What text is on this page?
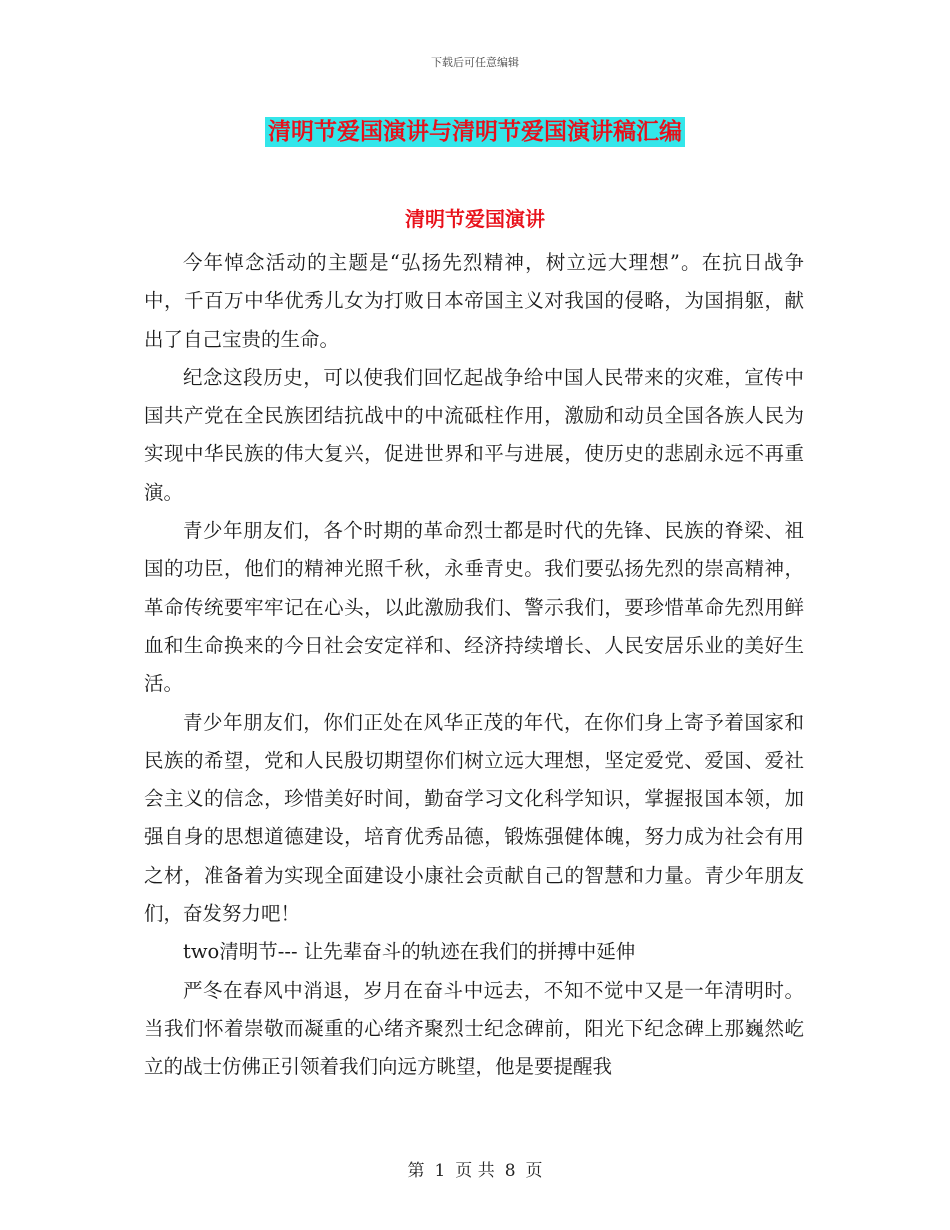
下载后可任意编辑
清明节爱国演讲与清明节爱国演讲稿汇编
清明节爱国演讲

今年悼念活动的主题是“弘扬先烈精神，树立远大理想”。在抗日战争中，千百万中华优秀儿女为打败日本帝国主义对我国的侵略，为国捐躯，献出了自己宝贵的生命。

纪念这段历史，可以使我们回忆起战争给中国人民带来的灾难，宣传中国共产党在全民族团结抗战中的中流砥柱作用，激励和动员全国各族人民为实现中华民族的伟大复兴，促进世界和平与进展，使历史的悲剧永远不再重演。

青少年朋友们，各个时期的革命烈士都是时代的先锋、民族的脊梁、祖国的功臣，他们的精神光照千秋，永垂青史。我们要弘扬先烈的崇高精神，革命传统要牢牢记在心头，以此激励我们、警示我们，要珍惜革命先烈用鲜血和生命换来的今日社会安定祥和、经济持续增长、人民安居乐业的美好生活。

青少年朋友们，你们正处在风华正茂的年代，在你们身上寄予着国家和民族的希望，党和人民殷切期望你们树立远大理想，坚定爱党、爱国、爱社会主义的信念，珍惜美好时间，勤奋学习文化科学知识，掌握报国本领，加强自身的思想道德建设，培育优秀品德，锻炼强健体魄，努力成为社会有用之材，准备着为实现全面建设小康社会贡献自己的智慧和力量。青少年朋友们，奋发努力吧！

two清明节--- 让先辈奋斗的轨迹在我们的拼搏中延伸

严冬在春风中消退，岁月在奋斗中远去，不知不觉中又是一年清明时。当我们怀着崇敬而凝重的心绪齐聚烈士纪念碑前，阳光下纪念碑上那巍然屹立的战士仿佛正引领着我们向远方眺望，他是要提醒我

第 1 页 共 8 页
